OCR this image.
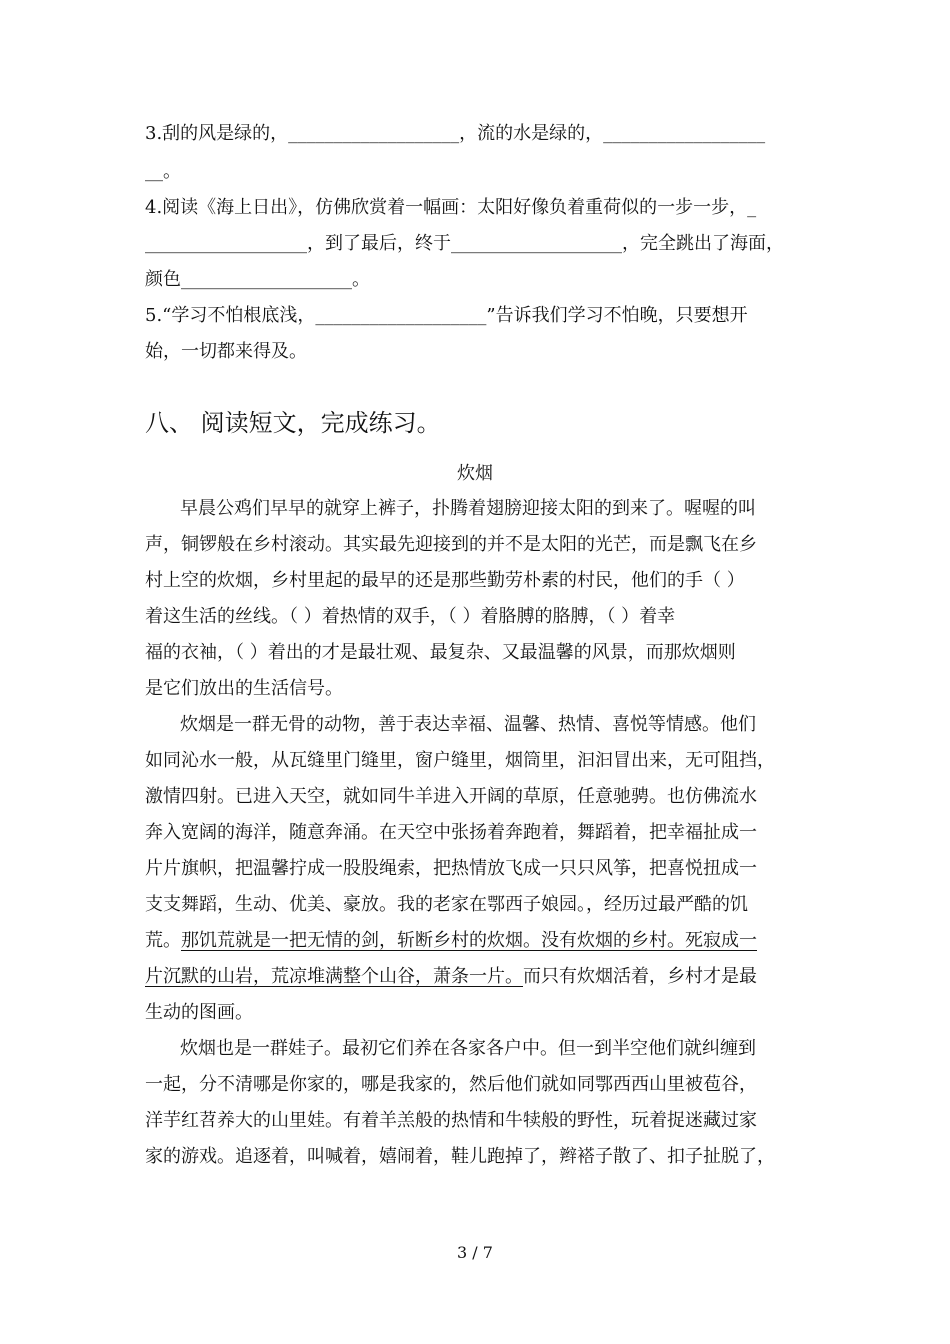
3.刮的风是绿的，___________________，流的水是绿的，__________________
__。
4.阅读《海上日出》，仿佛欣赏着一幅画：太阳好像负着重荷似的一步一步，_
__________________，到了最后，终于___________________，完全跳出了海面，
颜色___________________。
5.“学习不怕根底浅，___________________”告诉我们学习不怕晚，只要想开
始，一切都来得及。
八、 阅读短文，完成练习。
炊烟
早晨公鸡们早早的就穿上裤子，扑腾着翅膀迎接太阳的到来了。喔喔的叫
声，铜锣般在乡村滚动。其实最先迎接到的并不是太阳的光芒，而是飘飞在乡
村上空的炊烟，乡村里起的最早的还是那些勤劳朴素的村民，他们的手（ ）
着这生活的丝线。（ ）着热情的双手，（ ）着胳膊的胳膊，（ ）着幸
福的衣袖，（ ）着出的才是最壮观、最复杂、又最温馨的风景，而那炊烟则
是它们放出的生活信号。
炊烟是一群无骨的动物，善于表达幸福、温馨、热情、喜悦等情感。他们
如同沁水一般，从瓦缝里门缝里，窗户缝里，烟筒里，汩汩冒出来，无可阻挡，
激情四射。已进入天空，就如同牛羊进入开阔的草原，任意驰骋。也仿佛流水
奔入宽阔的海洋，随意奔涌。在天空中张扬着奔跑着，舞蹈着，把幸福扯成一
片片旗帜，把温馨拧成一股股绳索，把热情放飞成一只只风筝，把喜悦扭成一
支支舞蹈，生动、优美、豪放。我的老家在鄂西子娘园。，经历过最严酷的饥
荒。那饥荒就是一把无情的剑，斩断乡村的炊烟。没有炊烟的乡村。死寂成一
片沉默的山岩，荒凉堆满整个山谷，萧条一片。而只有炊烟活着，乡村才是最
生动的图画。
炊烟也是一群娃子。最初它们养在各家各户中。但一到半空他们就纠缠到
一起，分不清哪是你家的，哪是我家的，然后他们就如同鄂西西山里被苞谷，
洋芋红苕养大的山里娃。有着羊羔般的热情和牛犊般的野性，玩着捉迷藏过家
家的游戏。追逐着，叫喊着，嬉闹着，鞋儿跑掉了，辫褡子散了、扣子扯脱了，
3 / 7
